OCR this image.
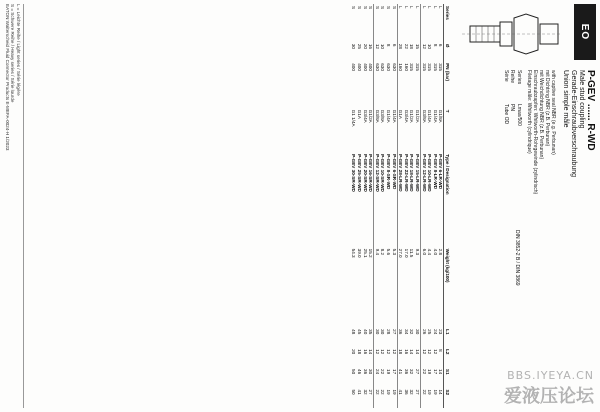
EO
P-GEV ...... R-WD
Male stud coupling
Gerade-Einschraubverschraubung
Union simple mâle
with captive seal NBR (e.g. Perbunan)
mit Dichtring NBR (z.B. Perbunan)
mit Weichdichtung NBR (z.B. Perbunan)
Einschraubzapfen: Whitworth-Rohrgewinde (zylindrisch)
Filetage mâle: Whitworth (cylindrique)
Series
Lmax/500
Reihe
PN
Série
Tube OD
DIN 3852-2 B / DIN 3869
Series	Ø	PN (bar)	T	Type / Designation	Weight (kg/100)	L1	L2	S1	S2
L	6	315	G1/8A	P-GEV 6-LR-WD	2.8	23	8	14	14
L	8	315	G1/4A	P-GEV 8-LR-WD	4.0	24	12	17	19
L	10	315	G1/4A	P-GEV 10-LR-WD	4.4	25	12	19	19
L	12	315	G3/8A	P-GEV 12-LR-WD	6.0	26	12	22	22
L	15	315	G1/2A	P-GEV 15-LR-WD	9.3	30	14	27	27
L	18	315	G1/2A	P-GEV 18-LR-WD	11.5	32	14	32	32
L	22	160	G3/4A	P-GEV 22-LR-WD	17.0	34	16	36	36
L	28	160	G1A	P-GEV 28-LR-WD	27.0	36	18	41	41
S	6	630	G1/4A	P-GEV 6-SR-WD	5.3	27	12	17	19
S	8	630	G1/4A	P-GEV 8-SR-WD	5.6	28	12	19	19
S	10	630	G3/8A	P-GEV 10-SR-WD	8.2	30	12	22	22
S	12	630	G3/8A	P-GEV 12-SR-WD	9.4	30	12	24	22
S	16	400	G1/2A	P-GEV 16-SR-WD	15.2	35	14	30	27
S	20	400	G3/4A	P-GEV 20-SR-WD	25.1	40	16	36	32
S	25	400	G1A	P-GEV 25-SR-WD	39.0	45	18	46	41
S	30	400	G1 1/4A	P-GEV 30-SR-WD	54.3	48	20	50	50
L = Leichte Reihe / Light series / Série légère
S = Schwere Reihe / Heavy series / Série lourde
EATON Walterscheid Fluid Connector Products E-MEFA-0024-H 1/2023
BBS.IYEYA.CN
爱液压论坛
